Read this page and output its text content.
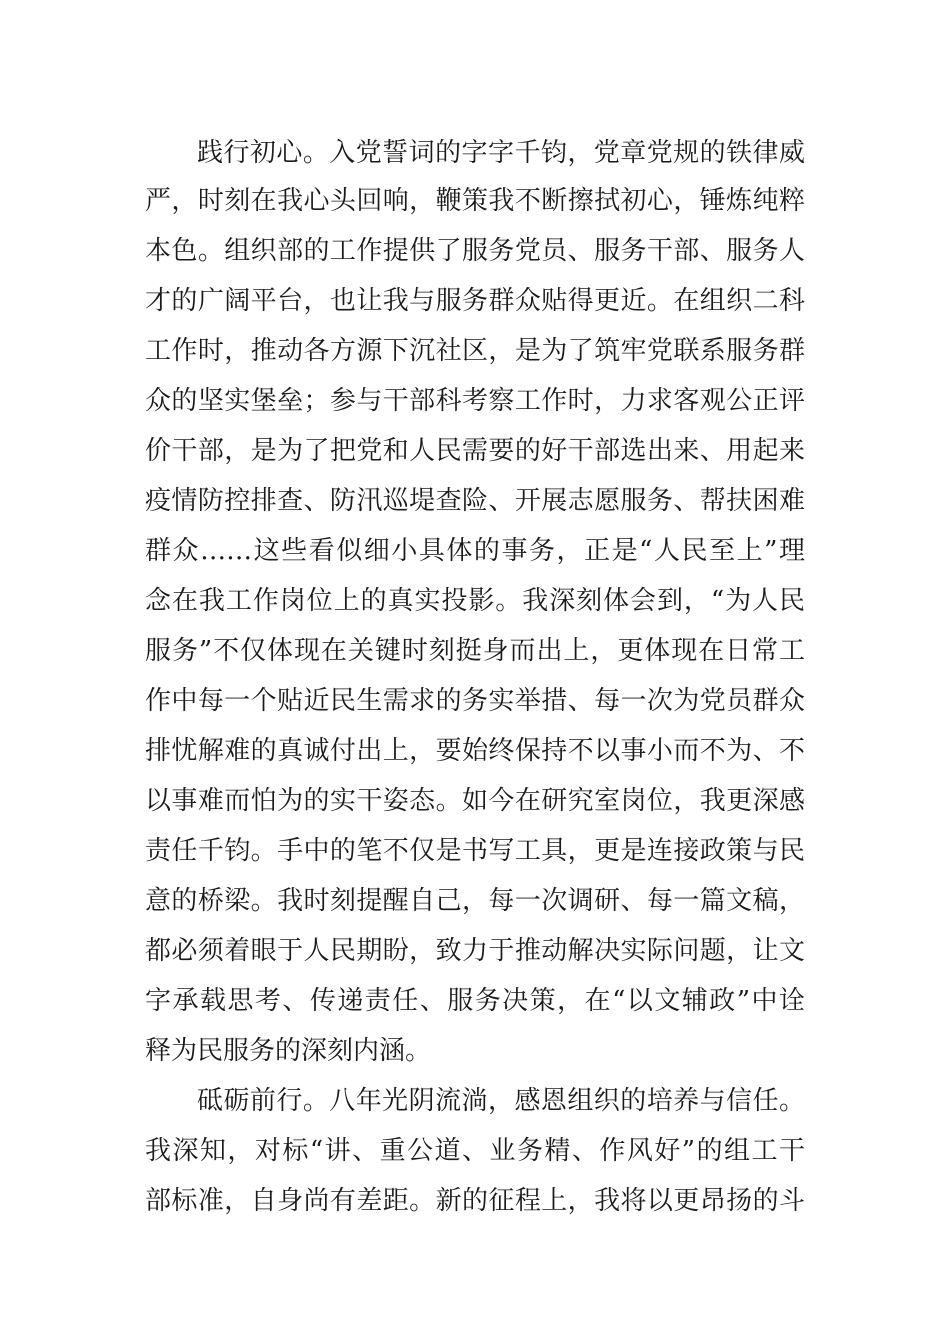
践行初心。入党誓词的字字千钧，党章党规的铁律威
严，时刻在我心头回响，鞭策我不断擦拭初心，锤炼纯粹
本色。组织部的工作提供了服务党员、服务干部、服务人
才的广阔平台，也让我与服务群众贴得更近。在组织二科
工作时，推动各方源下沉社区，是为了筑牢党联系服务群
众的坚实堡垒；参与干部科考察工作时，力求客观公正评
价干部，是为了把党和人民需要的好干部选出来、用起来
疫情防控排查、防汛巡堤查险、开展志愿服务、帮扶困难
群众……这些看似细小具体的事务，正是“人民至上”理
念在我工作岗位上的真实投影。我深刻体会到，“为人民
服务”不仅体现在关键时刻挺身而出上，更体现在日常工
作中每一个贴近民生需求的务实举措、每一次为党员群众
排忧解难的真诚付出上，要始终保持不以事小而不为、不
以事难而怕为的实干姿态。如今在研究室岗位，我更深感
责任千钧。手中的笔不仅是书写工具，更是连接政策与民
意的桥梁。我时刻提醒自己，每一次调研、每一篇文稿，
都必须着眼于人民期盼，致力于推动解决实际问题，让文
字承载思考、传递责任、服务决策，在“以文辅政”中诠
释为民服务的深刻内涵。
砥砺前行。八年光阴流淌，感恩组织的培养与信任。
我深知，对标“讲、重公道、业务精、作风好”的组工干
部标准，自身尚有差距。新的征程上，我将以更昂扬的斗
